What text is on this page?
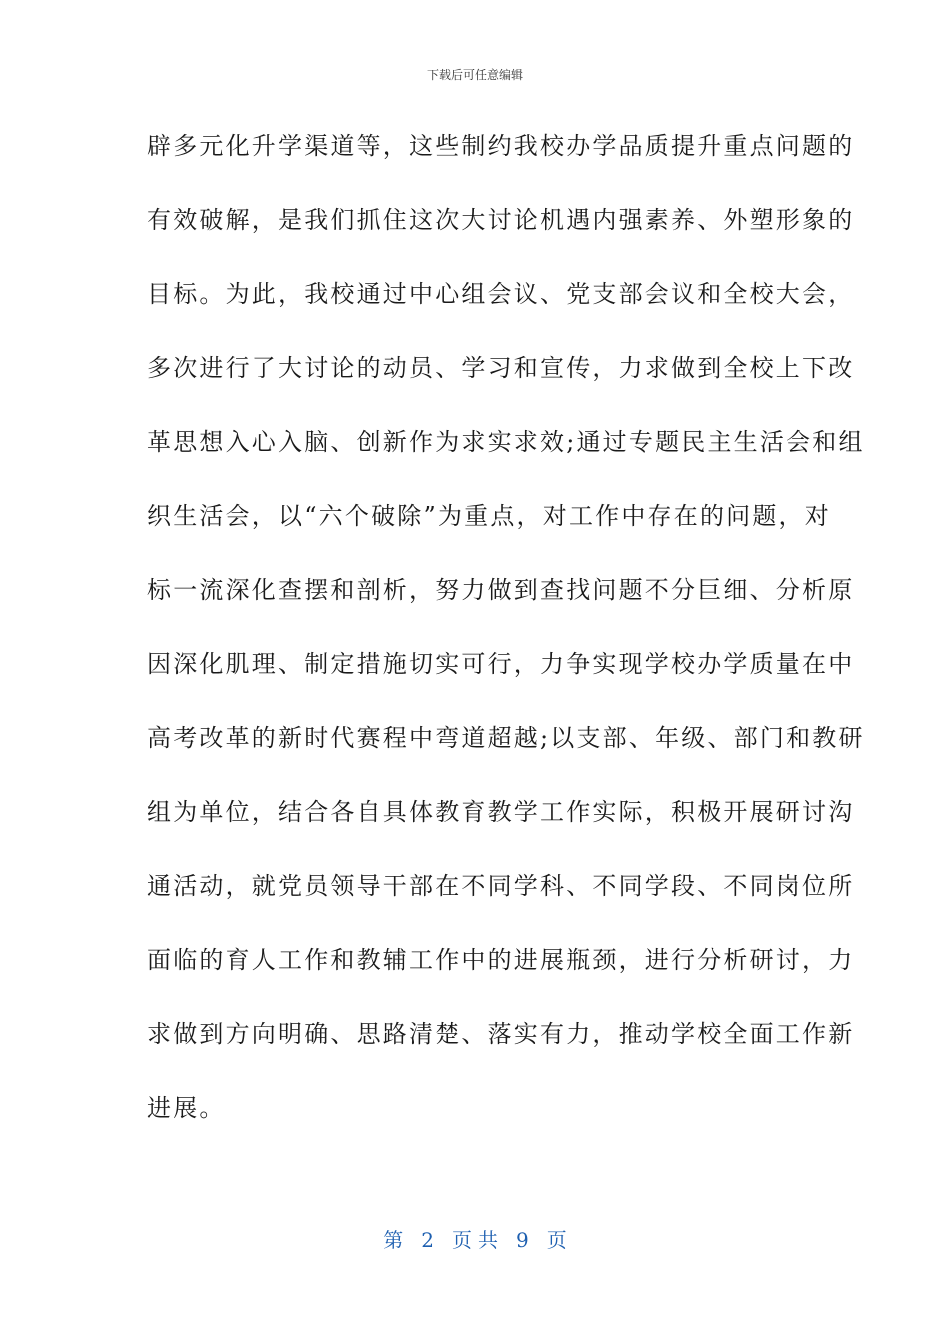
下载后可任意编辑
辟多元化升学渠道等，这些制约我校办学品质提升重点问题的
有效破解，是我们抓住这次大讨论机遇内强素养、外塑形象的
目标。为此，我校通过中心组会议、党支部会议和全校大会，
多次进行了大讨论的动员、学习和宣传，力求做到全校上下改
革思想入心入脑、创新作为求实求效;通过专题民主生活会和组
织生活会，以“六个破除”为重点，对工作中存在的问题，对
标一流深化查摆和剖析，努力做到查找问题不分巨细、分析原
因深化肌理、制定措施切实可行，力争实现学校办学质量在中
高考改革的新时代赛程中弯道超越;以支部、年级、部门和教研
组为单位，结合各自具体教育教学工作实际，积极开展研讨沟
通活动，就党员领导干部在不同学科、不同学段、不同岗位所
面临的育人工作和教辅工作中的进展瓶颈，进行分析研讨，力
求做到方向明确、思路清楚、落实有力，推动学校全面工作新
进展。
第 2 页 共 9 页
